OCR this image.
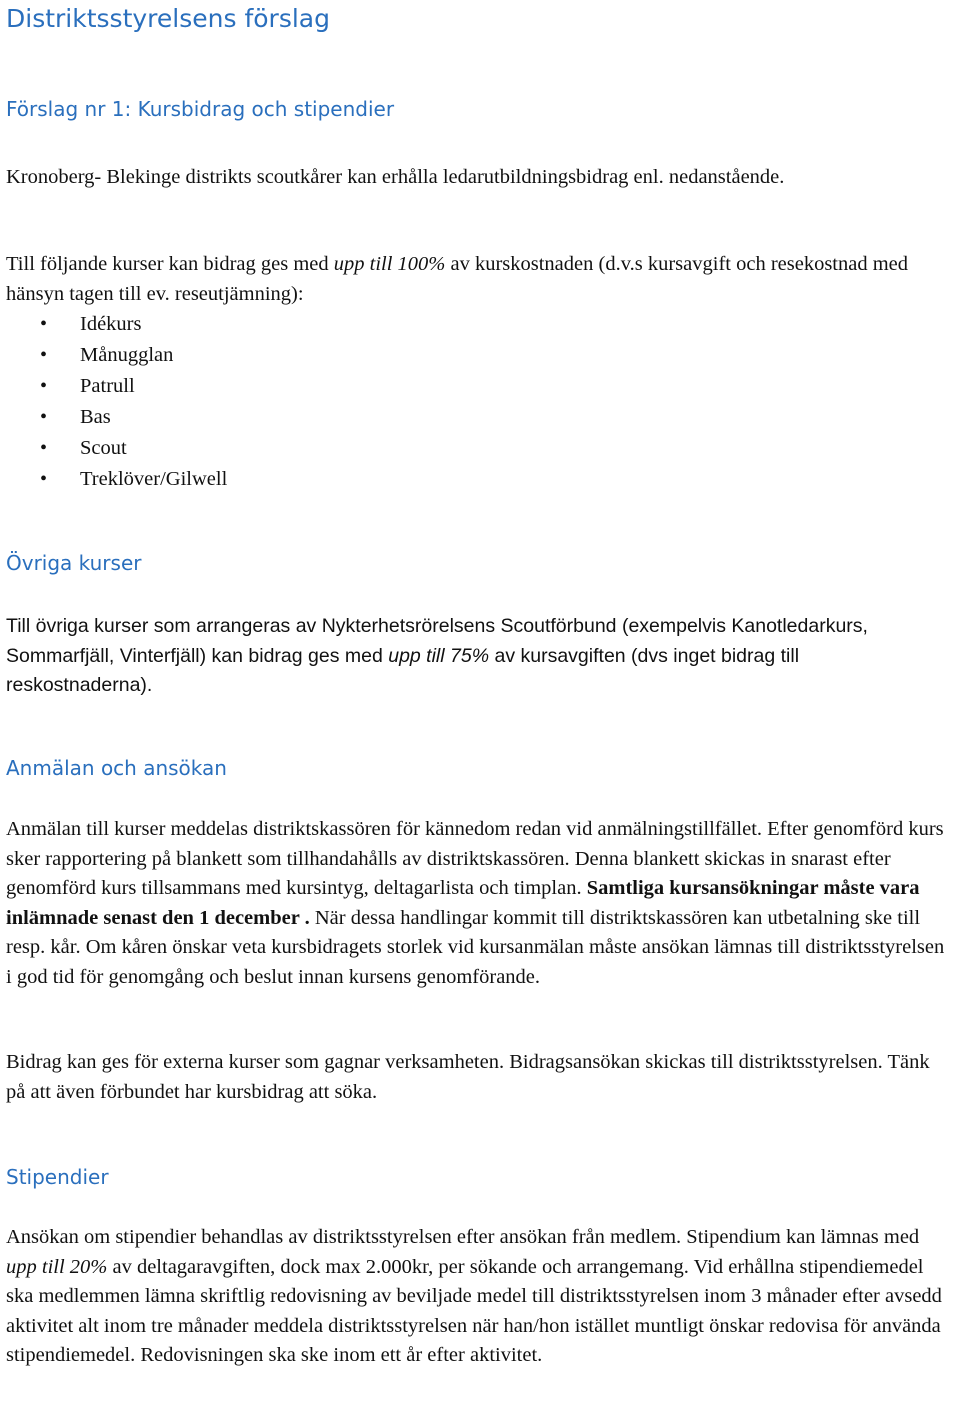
Distriktsstyrelsens förslag
Förslag nr 1: Kursbidrag och stipendier

Kronoberg- Blekinge distrikts scoutkårer kan erhålla ledarutbildningsbidrag enl. nedanstående.

Till följande kurser kan bidrag ges med upp till 100% av kurskostnaden (d.v.s kursavgift och resekostnad med hänsyn tagen till ev. reseutjämning):

• Idékurs
• Månugglan
• Patrull
• Bas
• Scout
• Treklöver/Gilwell
Övriga kurser

Till övriga kurser som arrangeras av Nykterhetsrörelsens Scoutförbund (exempelvis Kanotledarkurs, Sommarfjäll, Vinterfjäll) kan bidrag ges med upp till 75% av kursavgiften (dvs inget bidrag till reskostnaderna).

Anmälan och ansökan

Anmälan till kurser meddelas distriktskassören för kännedom redan vid anmälningstillfället. Efter genomförd kurs sker rapportering på blankett som tillhandahålls av distriktskassören. Denna blankett skickas in snarast efter genomförd kurs tillsammans med kursintyg, deltagarlista och timplan. Samtliga kursansökningar måste vara inlämnade senast den 1 december . När dessa handlingar kommit till distriktskassören kan utbetalning ske till resp. kår. Om kåren önskar veta kursbidragets storlek vid kursanmälan måste ansökan lämnas till distriktsstyrelsen i god tid för genomgång och beslut innan kursens genomförande.

Bidrag kan ges för externa kurser som gagnar verksamheten. Bidragsansökan skickas till distriktsstyrelsen. Tänk på att även förbundet har kursbidrag att söka.

Stipendier

Ansökan om stipendier behandlas av distriktsstyrelsen efter ansökan från medlem. Stipendium kan lämnas med upp till 20% av deltagaravgiften, dock max 2.000kr, per sökande och arrangemang. Vid erhållna stipendiemedel ska medlemmen lämna skriftlig redovisning av beviljade medel till distriktsstyrelsen inom 3 månader efter avsedd aktivitet alt inom tre månader meddela distriktsstyrelsen när han/hon istället muntligt önskar redovisa för använda stipendiemedel. Redovisningen ska ske inom ett år efter aktivitet.
